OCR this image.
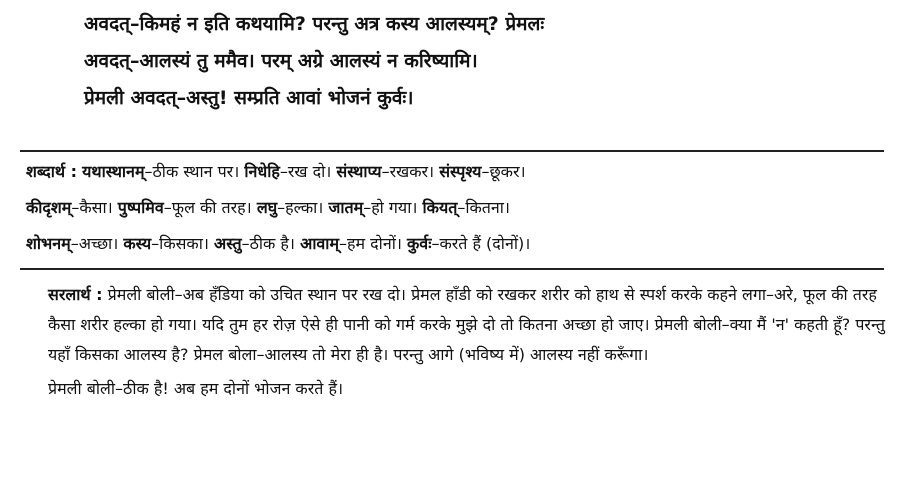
अवदत्–किमहं न इति कथयामि? परन्तु अत्र कस्य आलस्यम्? प्रेमलः
अवदत्–आलस्यं तु ममैव। परम् अग्रे आलस्यं न करिष्यामि।
प्रेमली अवदत्–अस्तु! सम्प्रति आवां भोजनं कुर्वः।
शब्दार्थ : यथास्थानम्–ठीक स्थान पर। निधेहि–रख दो। संस्थाप्य–रखकर। संस्पृश्य–छूकर।
कीदृशम्–कैसा। पुष्पमिव–फूल की तरह। लघु–हल्का। जातम्–हो गया। कियत्–कितना।
शोभनम्–अच्छा। कस्य–किसका। अस्तु–ठीक है। आवाम्–हम दोनों। कुर्वः–करते हैं (दोनों)।

सरलार्थ : प्रेमली बोली–अब हँडिया को उचित स्थान पर रख दो। प्रेमल हाँडी को रखकर शरीर को हाथ से स्पर्श करके कहने लगा–अरे, फूल की तरह कैसा शरीर हल्का हो गया। यदि तुम हर रोज़ ऐसे ही पानी को गर्म करके मुझे दो तो कितना अच्छा हो जाए। प्रेमली बोली–क्या मैं 'न' कहती हूँ? परन्तु यहाँ किसका आलस्य है? प्रेमल बोला–आलस्य तो मेरा ही है। परन्तु आगे (भविष्य में) आलस्य नहीं करूँगा।

प्रेमली बोली–ठीक है! अब हम दोनों भोजन करते हैं।
